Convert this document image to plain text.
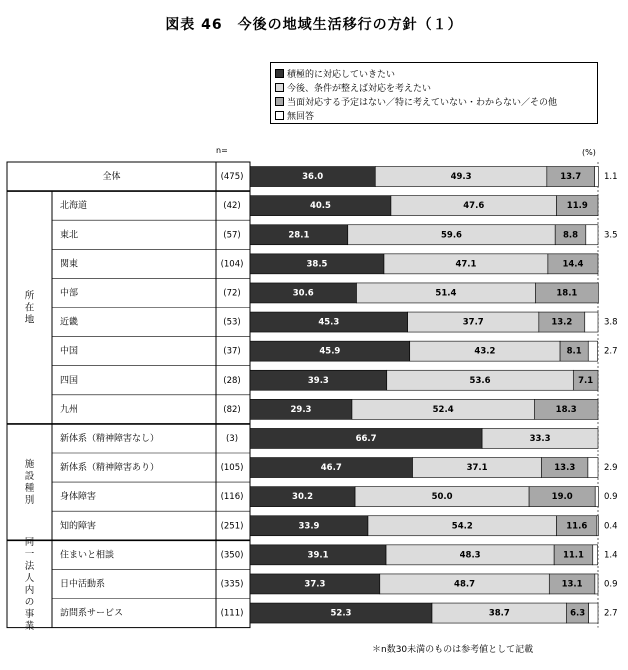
図表 46　今後の地域生活移行の方針（１）
積極的に対応していきたい
今後、条件が整えば対応を考えたい
当面対応する予定はない／特に考えていない・わからない／その他
無回答
n=	(%)
全体	(475)	36.0	49.3	13.7	1.1
所在地
北海道	(42)	40.5	47.6	11.9
東北	(57)	28.1	59.6	8.8	3.5
関東	(104)	38.5	47.1	14.4
中部	(72)	30.6	51.4	18.1
近畿	(53)	45.3	37.7	13.2	3.8
中国	(37)	45.9	43.2	8.1	2.7
四国	(28)	39.3	53.6	7.1
九州	(82)	29.3	52.4	18.3
施設種別
新体系（精神障害なし）	(3)	66.7	33.3
新体系（精神障害あり）	(105)	46.7	37.1	13.3	2.9
身体障害	(116)	30.2	50.0	19.0	0.9
知的障害	(251)	33.9	54.2	11.6 0.4
同一法人内の事業
住まいと相談	(350)	39.1	48.3	11.1 1.4
日中活動系	(335)	37.3	48.7	13.1	0.9
訪問系サービス	(111)	52.3	38.7	6.3 2.7
＊n数30未満のものは参考値として記載
